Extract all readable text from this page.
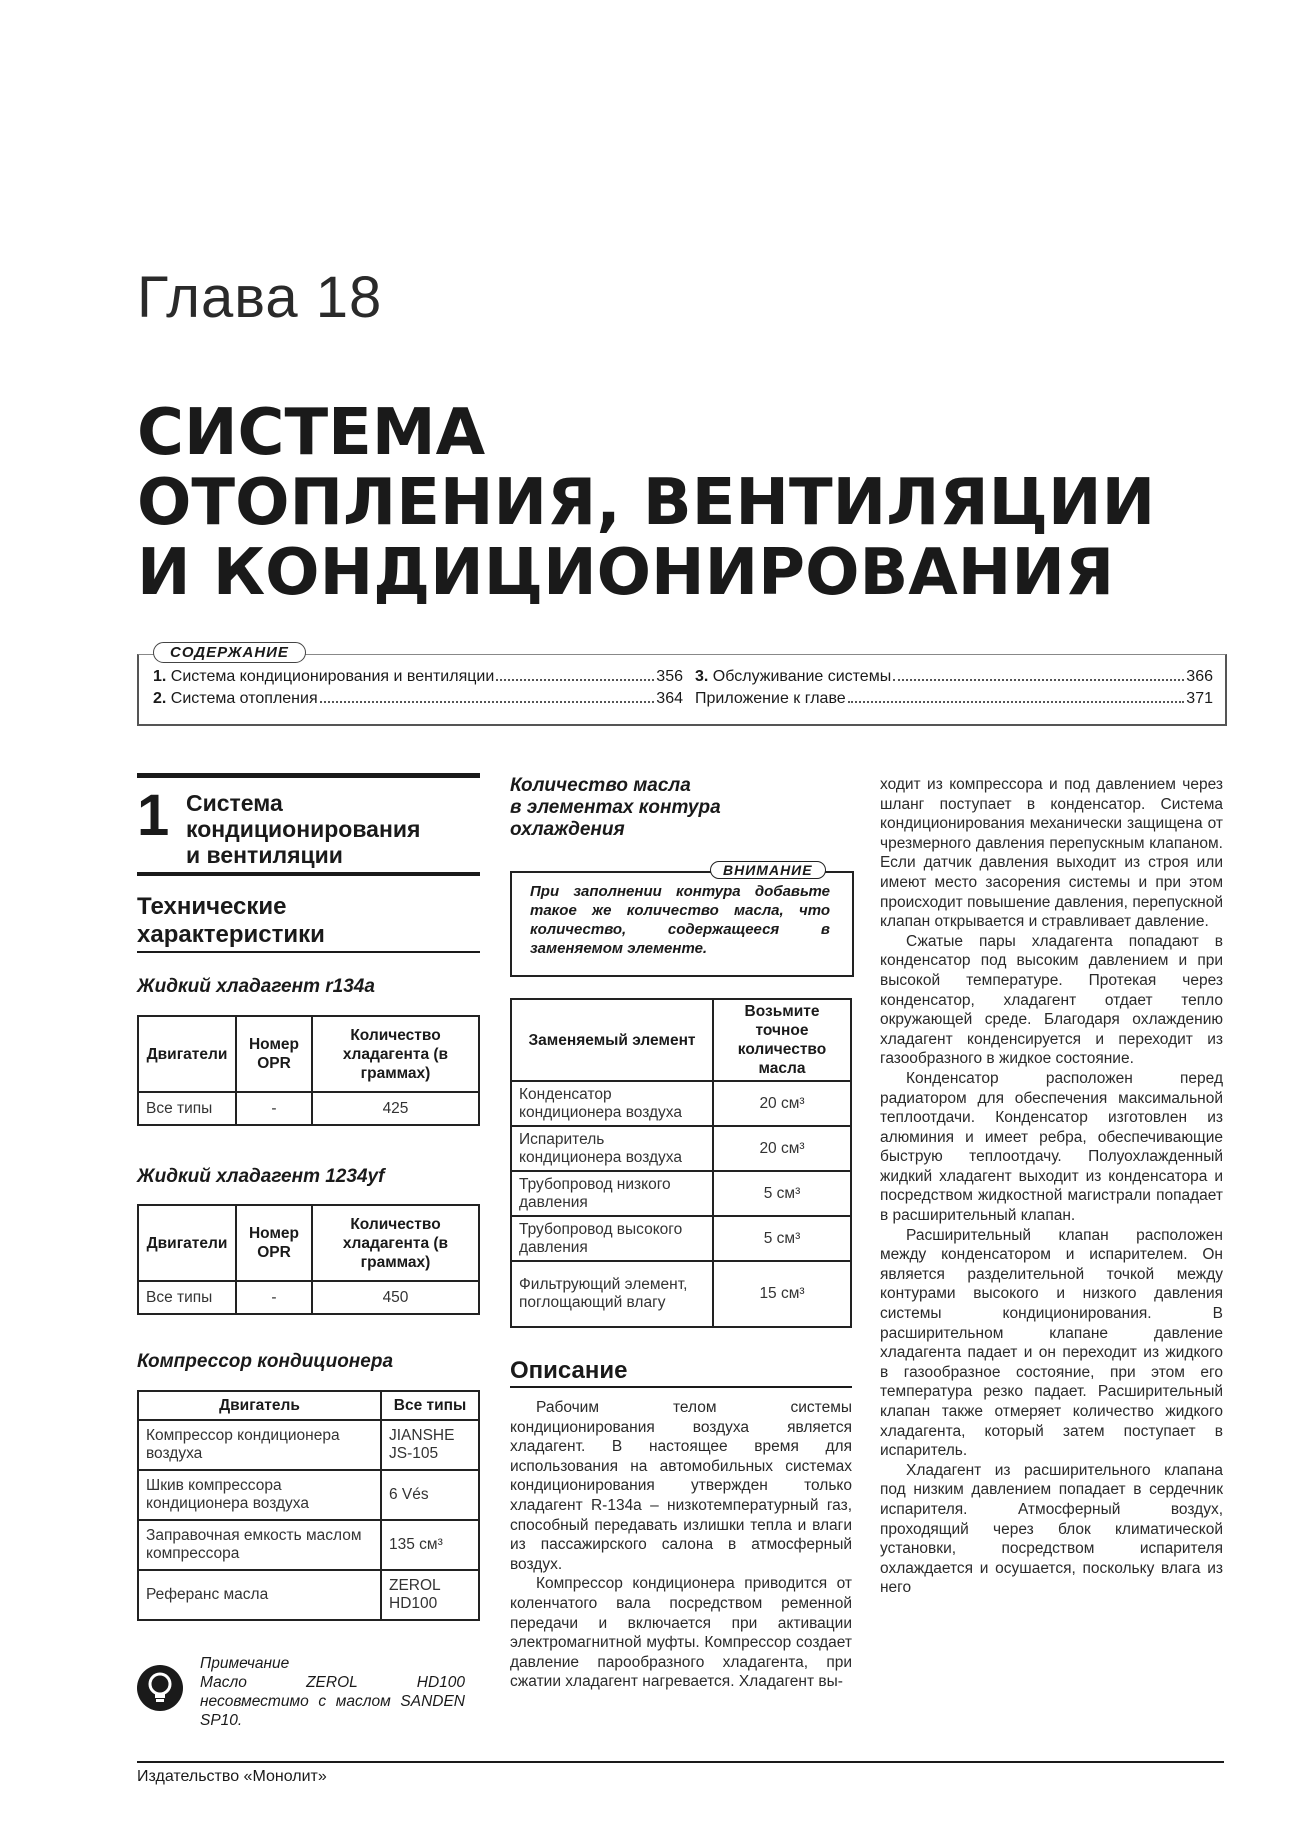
Глава 18
СИСТЕМА
ОТОПЛЕНИЯ, ВЕНТИЛЯЦИИ
И КОНДИЦИОНИРОВАНИЯ
1.
Система кондиционирования и вентиляции	356
2.
Система отопления	364
3.
Обслуживание системы	366
Приложение к главе	371
СОДЕРЖАНИЕ
1 Система
кондиционирования
и вентиляции
Технические
характеристики
Жидкий хладагент r134a
Двигатели	Номер OPR	Количество хладагента (в граммах)
Все типы	-	425
Жидкий хладагент 1234yf
Двигатели	Номер OPR	Количество хладагента (в граммах)
Все типы	-	450
Компрессор кондиционера
Двигатель	Все типы
Компрессор кондиционера воздуха	JIANSHE JS-105
Шкив компрессора кондиционера воздуха	6 Vés
Заправочная емкость маслом компрессора	135 см³
Реферанс масла	ZEROL HD100
Примечание
Масло ZEROL HD100 несовместимо с маслом SANDEN SP10.
Количество масла
в элементах контура
охлаждения
ВНИМАНИЕ
При заполнении контура добавьте такое же количество масла, что количество, содержащееся в заменяемом элементе.
Заменяемый элемент	Возьмите точное количество масла
Конденсатор кондиционера воздуха	20 см³
Испаритель кондиционера воздуха	20 см³
Трубопровод низкого давления	5 см³
Трубопровод высокого давления	5 см³
Фильтрующий элемент, поглощающий влагу	15 см³
Описание

Рабочим телом системы кондиционирования воздуха является хладагент. В настоящее время для использования на автомобильных системах кондиционирования утвержден только хладагент R-134a – низкотемпературный газ, способный передавать излишки тепла и влаги из пассажирского салона в атмосферный воздух.

Компрессор кондиционера приводится от коленчатого вала посредством ременной передачи и включается при активации электромагнитной муфты. Компрессор создает давление парообразного хладагента, при сжатии хладагент нагревается. Хладагент вы-

ходит из компрессора и под давлением через шланг поступает в конденсатор. Система кондиционирования механически защищена от чрезмерного давления перепускным клапаном. Если датчик давления выходит из строя или имеют место засорения системы и при этом происходит повышение давления, перепускной клапан открывается и стравливает давление.

Сжатые пары хладагента попадают в конденсатор под высоким давлением и при высокой температуре. Протекая через конденсатор, хладагент отдает тепло окружающей среде. Благодаря охлаждению хладагент конденсируется и переходит из газообразного в жидкое состояние.

Конденсатор расположен перед радиатором для обеспечения максимальной теплоотдачи. Конденсатор изготовлен из алюминия и имеет ребра, обеспечивающие быструю теплоотдачу. Полуохлажденный жидкий хладагент выходит из конденсатора и посредством жидкостной магистрали попадает в расширительный клапан.

Расширительный клапан расположен между конденсатором и испарителем. Он является разделительной точкой между контурами высокого и низкого давления системы кондиционирования. В расширительном клапане давление хладагента падает и он переходит из жидкого в газообразное состояние, при этом его температура резко падает. Расширительный клапан также отмеряет количество жидкого хладагента, который затем поступает в испаритель.

Хладагент из расширительного клапана под низким давлением попадает в сердечник испарителя. Атмосферный воздух, проходящий через блок климатической установки, посредством испарителя охлаждается и осушается, поскольку влага из него

Издательство «Монолит»
